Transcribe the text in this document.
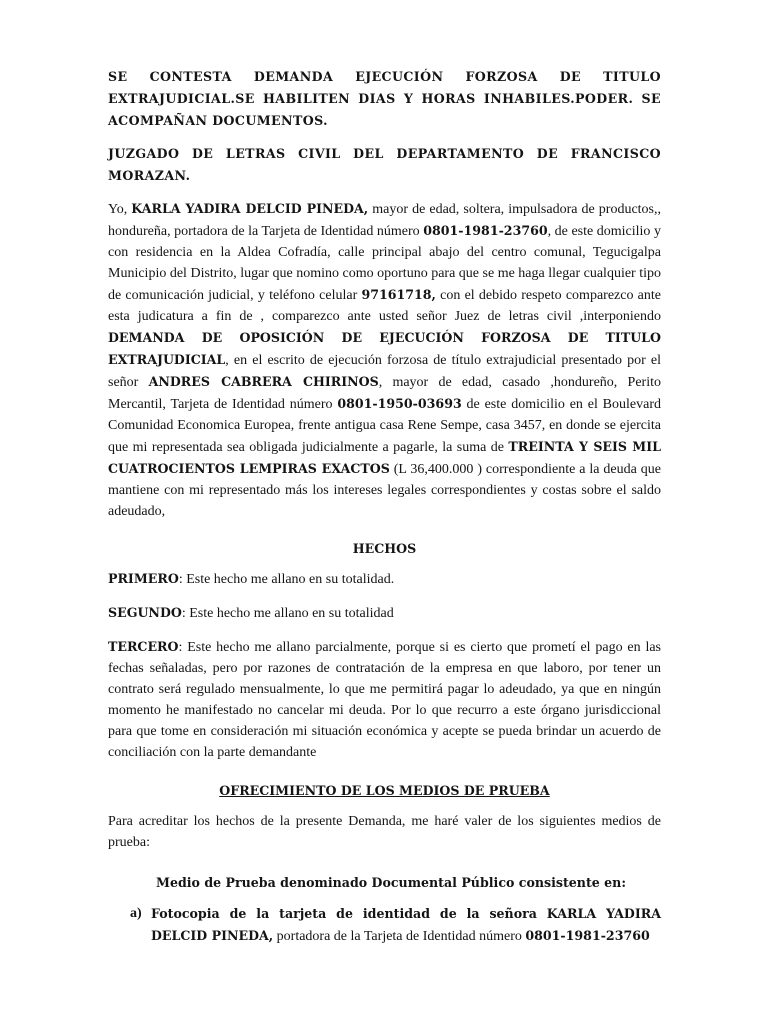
SE CONTESTA DEMANDA EJECUCIÓN FORZOSA DE TITULO EXTRAJUDICIAL.SE HABILITEN DIAS Y HORAS INHABILES.PODER. SE ACOMPAÑAN DOCUMENTOS.

JUZGADO DE LETRAS CIVIL DEL DEPARTAMENTO DE FRANCISCO MORAZAN.

Yo, KARLA YADIRA DELCID PINEDA, mayor de edad, soltera, impulsadora de productos,, hondureña, portadora de la Tarjeta de Identidad número 0801-1981-23760, de este domicilio y con residencia en la Aldea Cofradía, calle principal abajo del centro comunal, Tegucigalpa Municipio del Distrito, lugar que nomino como oportuno para que se me haga llegar cualquier tipo de comunicación judicial, y teléfono celular 97161718, con el debido respeto comparezco ante esta judicatura a fin de , comparezco ante usted señor Juez de letras civil ,interponiendo DEMANDA DE OPOSICIÓN DE EJECUCIÓN FORZOSA DE TITULO EXTRAJUDICIAL, en el escrito de ejecución forzosa de título extrajudicial presentado por el señor ANDRES CABRERA CHIRINOS, mayor de edad, casado ,hondureño, Perito Mercantil, Tarjeta de Identidad número 0801-1950-03693 de este domicilio en el Boulevard Comunidad Economica Europea, frente antigua casa Rene Sempe, casa 3457, en donde se ejercita que mi representada sea obligada judicialmente a pagarle, la suma de TREINTA Y SEIS MIL CUATROCIENTOS LEMPIRAS EXACTOS (L 36,400.000 ) correspondiente a la deuda que mantiene con mi representado más los intereses legales correspondientes y costas sobre el saldo adeudado,

HECHOS

PRIMERO: Este hecho me allano en su totalidad.

SEGUNDO: Este hecho me allano en su totalidad

TERCERO: Este hecho me allano parcialmente, porque si es cierto que prometí el pago en las fechas señaladas, pero por razones de contratación de la empresa en que laboro, por tener un contrato será regulado mensualmente, lo que me permitirá pagar lo adeudado, ya que en ningún momento he manifestado no cancelar mi deuda. Por lo que recurro a este órgano jurisdiccional para que tome en consideración mi situación económica y acepte se pueda brindar un acuerdo de conciliación con la parte demandante

OFRECIMIENTO DE LOS MEDIOS DE PRUEBA

Para acreditar los hechos de la presente Demanda, me haré valer de los siguientes medios de prueba:

Medio de Prueba denominado Documental Público consistente en:

a) Fotocopia de la tarjeta de identidad de la señora KARLA YADIRA DELCID PINEDA, portadora de la Tarjeta de Identidad número 0801-1981-23760
